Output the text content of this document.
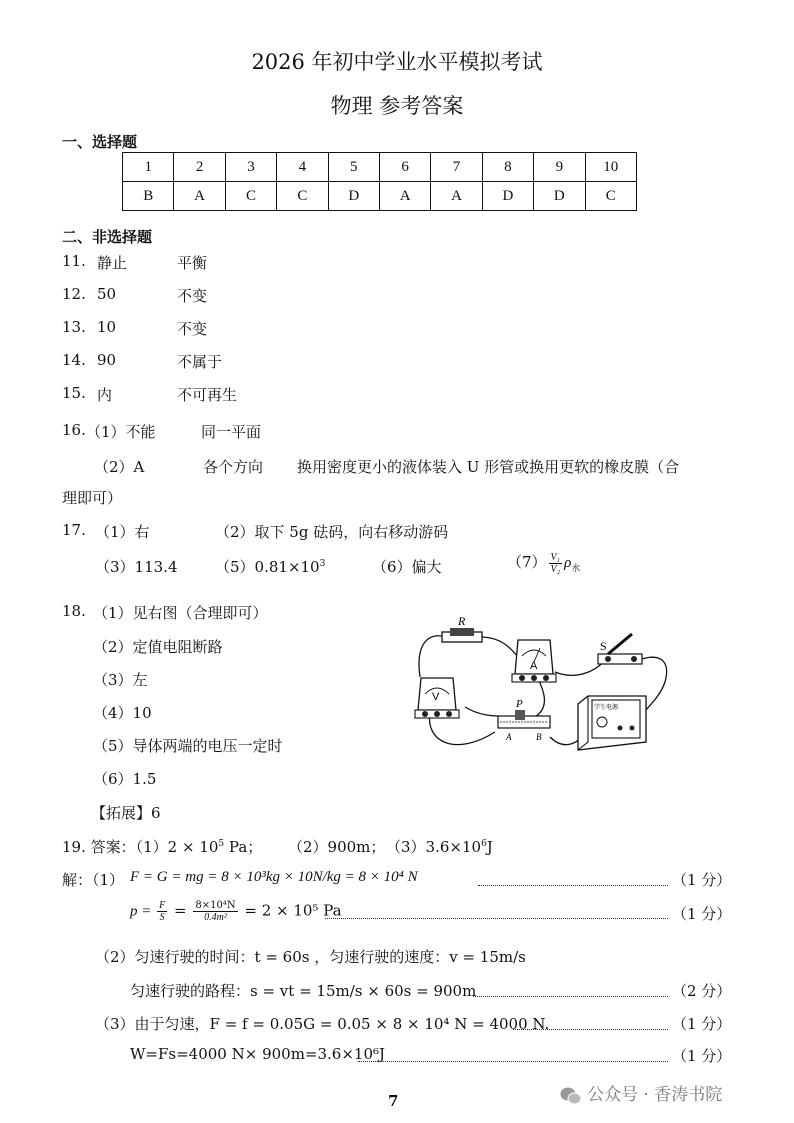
2026 年初中学业水平模拟考试
物理 参考答案
一、选择题
1	2	3	4	5	6	7	8	9	10
B	A	C	C	D	A	A	D	D	C
二、非选择题
11. 静止	平衡
12. 50	不变
13. 10	不变
14. 90	不属于
15. 内	不可再生
16. （1）不能	同一平面
（2）A	各个方向 换用密度更小的液体装入 U 形管或换用更软的橡皮膜（合
理即可）
17. （1）右	（2）取下 5g 砝码，向右移动游码
（3）113.4	$(5)0.81\times 10^3$	（6）偏大	$(7) \frac{\text{V₁}}{\text{V₂}} \rho_水$
18. （1）见右图（合理即可）
（2）定值电阻断路
（3）左
（4）10
（5）导体两端的电压一定时
（6）1.5
【拓展】6
R
A
S
V
P
A	B
学生电源
19. 答案：$(1)2 \times 10^5$ Pa； （2）900m； $(3)3.6\times 10^6J$
解：（1） F = G = mg = 8 × 10³kg × 10N/kg = 8 × 10⁴ N	（1 分）
$p = \frac{F}{S} = \frac{\text{8×10⁴N}}{\text{0.4m²}} = 2 \times 10^5$ Pa	（1 分）
（2）匀速行驶的时间：t = 60s ，匀速行驶的速度：v = 15m/s
匀速行驶的路程：s = vt = 15m/s × 60s = 900m	（2 分）
（3）由于匀速，F = f = 0.05G = 0.05 × 8 × 10⁴ N = 4000 N.	（1 分）
W=Fs=4000 N× 900m=3.6×10⁶J	（1 分）
7	公众号 · 香涛书院
